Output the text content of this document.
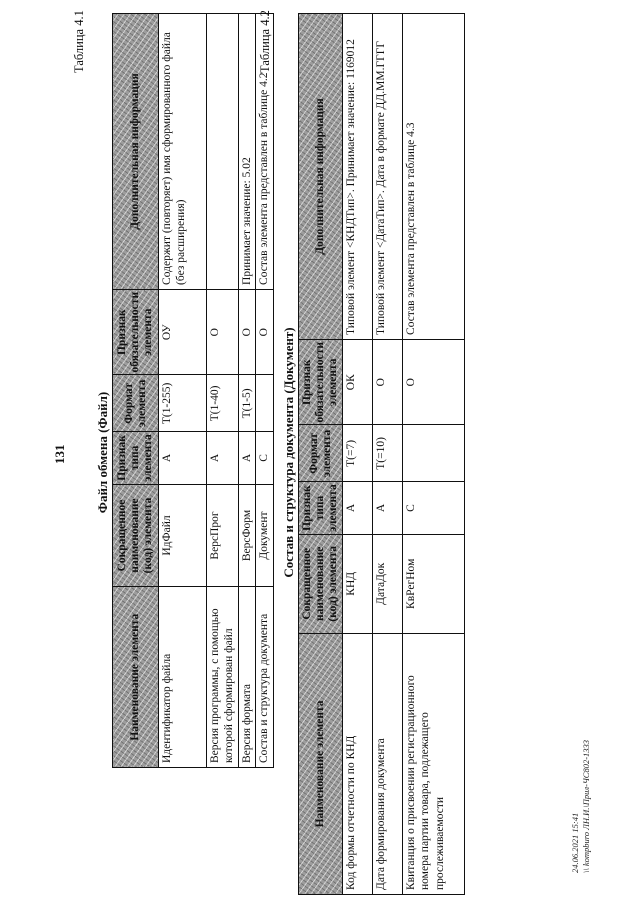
131
Таблица 4.1
Файл обмена (Файл)
Наименование элемента	Сокращенное наименование (код) элемента	Признак типа элемента	Формат элемента	Признак обязательности элемента	Дополнительная информация
Идентификатор файла	ИдФайл	А	Т(1-255)	ОУ	Содержит (повторяет) имя сформированного файла (без расширения)
Версия программы, с помощью которой сформирован файл	ВерсПрог	А	Т(1-40)	О	
Версия формата	ВерсФорм	А	Т(1-5)	О	Принимает значение: 5.02
Состав и структура документа	Документ	С		О	Состав элемента представлен в таблице 4.2
Таблица 4.2
Состав и структура документа (Документ)
Наименование элемента	Сокращенное наименование (код) элемента	Признак типа элемента	Формат элемента	Признак обязательности элемента	Дополнительная информация
Код формы отчетности по КНД	КНД	А	Т(=7)	ОК	Типовой элемент <КНДТип>. Принимает значение: 1169012
Дата формирования документа	ДатаДок	А	Т(=10)	О	Типовой элемент <ДатаТип>. Дата в формате ДД.ММ.ГГГГ
Квитанция о присвоении регистрационного номера партии товара, подлежащего прослеживаемости	КвРегНом	С		О	Состав элемента представлен в таблице 4.3
24.06.2021 15:41 \\ kompburo ЛН.И.\Прил-ЧС802-1333
